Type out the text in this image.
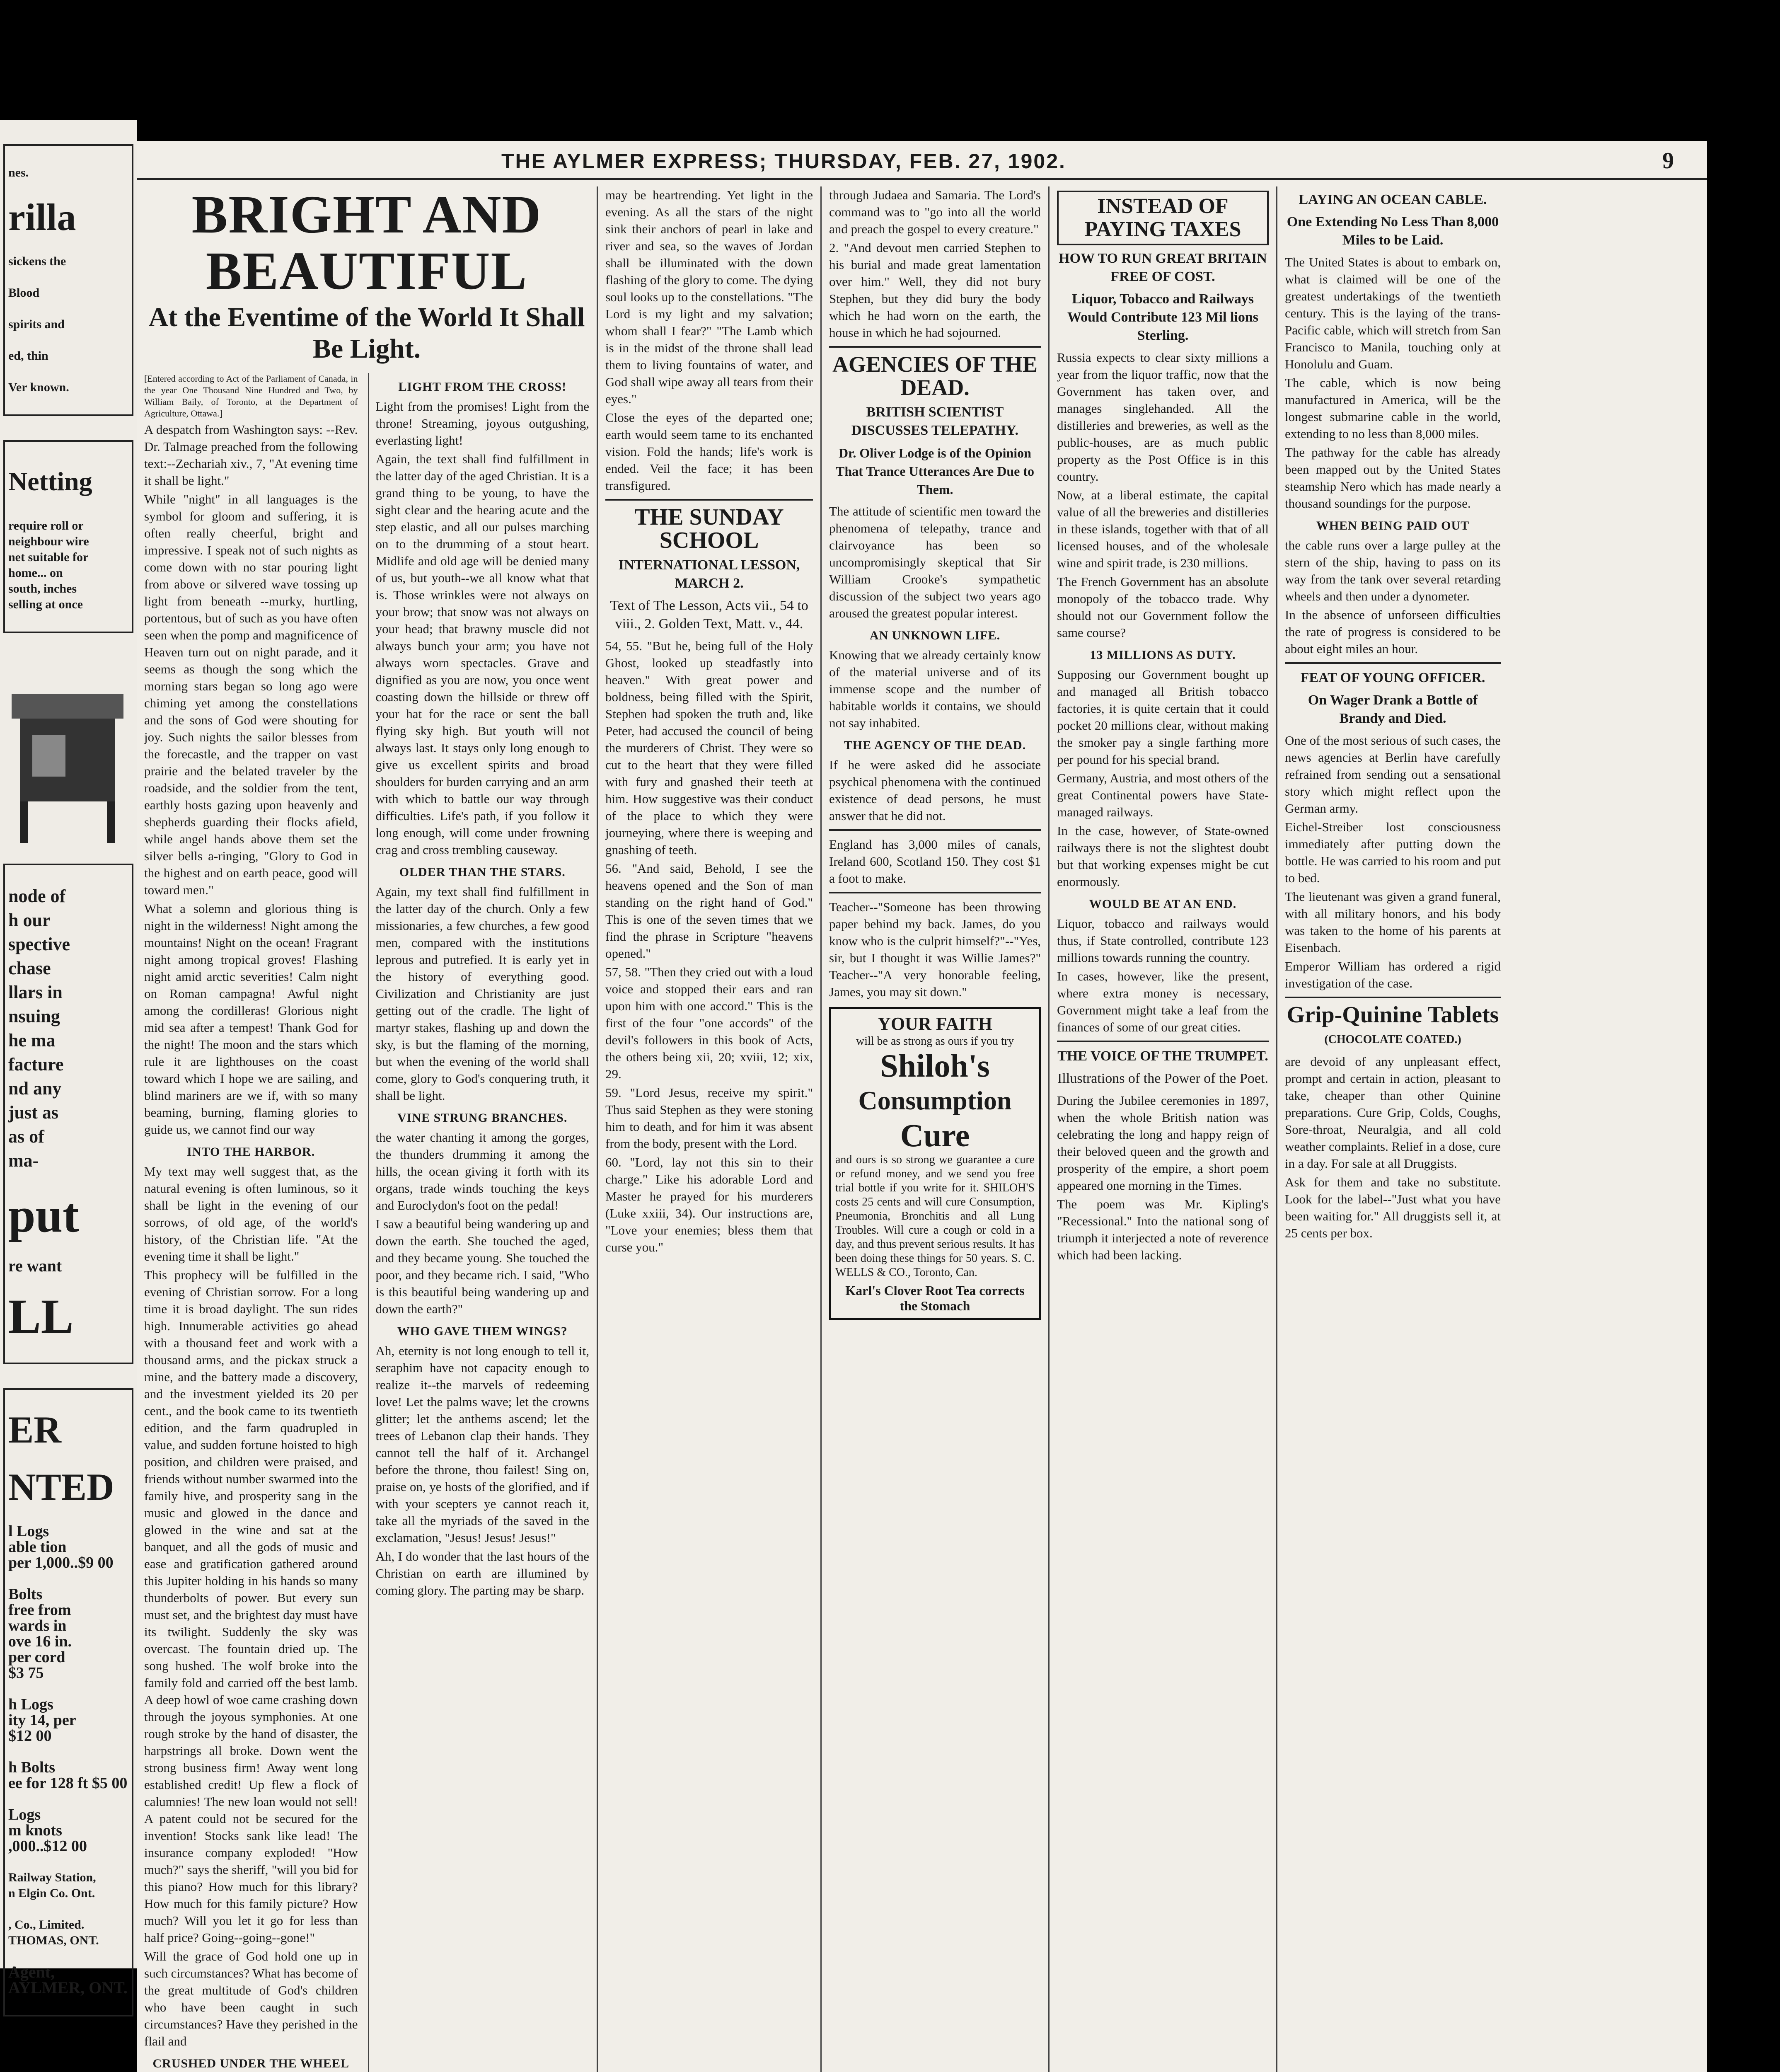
nes.

rilla

sickens the

Blood

spirits and

ed, thin

Ver known.

Netting

require roll or
neighbour wire
net suitable for
home... on
south, inches
selling at once

node of
h our
spective
chase
llars in
nsuing
he ma
facture
nd any
just as
as of
ma-

put

re want

LL

ER

NTED

l Logs
able tion
per 1,000..$9 00

Bolts
free from
wards in
ove 16 in.
per cord
$3 75

h Logs
ity 14, per
$12 00

h Bolts
ee for 128 ft $5 00

Logs
m knots
,000..$12 00

Railway Station,
n Elgin Co. Ont.

, Co., Limited.
THOMAS, ONT.

Agent,
AYLMER, ONT.

THE AYLMER EXPRESS; THURSDAY, FEB. 27, 1902.	9
BRIGHT AND BEAUTIFUL
At the Eventime of the World It Shall Be Light.

[Entered according to Act of the Parliament of Canada, in the year One Thousand Nine Hundred and Two, by William Baily, of Toronto, at the Department of Agriculture, Ottawa.]

A despatch from Washington says: --Rev. Dr. Talmage preached from the following text:--Zechariah xiv., 7, "At evening time it shall be light."

While "night" in all languages is the symbol for gloom and suffering, it is often really cheerful, bright and impressive. I speak not of such nights as come down with no star pouring light from above or silvered wave tossing up light from beneath --murky, hurtling, portentous, but of such as you have often seen when the pomp and magnificence of Heaven turn out on night parade, and it seems as though the song which the morning stars began so long ago were chiming yet among the constellations and the sons of God were shouting for joy. Such nights the sailor blesses from the forecastle, and the trapper on vast prairie and the belated traveler by the roadside, and the soldier from the tent, earthly hosts gazing upon heavenly and shepherds guarding their flocks afield, while angel hands above them set the silver bells a-ringing, "Glory to God in the highest and on earth peace, good will toward men."

What a solemn and glorious thing is night in the wilderness! Night among the mountains! Night on the ocean! Fragrant night among tropical groves! Flashing night amid arctic severities! Calm night on Roman campagna! Awful night among the cordilleras! Glorious night mid sea after a tempest! Thank God for the night! The moon and the stars which rule it are lighthouses on the coast toward which I hope we are sailing, and blind mariners are we if, with so many beaming, burning, flaming glories to guide us, we cannot find our way

INTO THE HARBOR.

My text may well suggest that, as the natural evening is often luminous, so it shall be light in the evening of our sorrows, of old age, of the world's history, of the Christian life. "At the evening time it shall be light."

This prophecy will be fulfilled in the evening of Christian sorrow. For a long time it is broad daylight. The sun rides high. Innumerable activities go ahead with a thousand feet and work with a thousand arms, and the pickax struck a mine, and the battery made a discovery, and the investment yielded its 20 per cent., and the book came to its twentieth edition, and the farm quadrupled in value, and sudden fortune hoisted to high position, and children were praised, and friends without number swarmed into the family hive, and prosperity sang in the music and glowed in the dance and glowed in the wine and sat at the banquet, and all the gods of music and ease and gratification gathered around this Jupiter holding in his hands so many thunderbolts of power. But every sun must set, and the brightest day must have its twilight. Suddenly the sky was overcast. The fountain dried up. The song hushed. The wolf broke into the family fold and carried off the best lamb. A deep howl of woe came crashing down through the joyous symphonies. At one rough stroke by the hand of disaster, the harpstrings all broke. Down went the strong business firm! Away went long established credit! Up flew a flock of calumnies! The new loan would not sell! A patent could not be secured for the invention! Stocks sank like lead! The insurance company exploded! "How much?" says the sheriff, "will you bid for this piano? How much for this library? How much for this family picture? How much? Will you let it go for less than half price? Going--going--gone!"

Will the grace of God hold one up in such circumstances? What has become of the great multitude of God's children who have been caught in such circumstances? Have they perished in the flail and

CRUSHED UNDER THE WHEEL

LIGHT FROM THE CROSS!

Light from the promises! Light from the throne! Streaming, joyous outgushing, everlasting light!

Again, the text shall find fulfillment in the latter day of the aged Christian. It is a grand thing to be young, to have the sight clear and the hearing acute and the step elastic, and all our pulses marching on to the drumming of a stout heart. Midlife and old age will be denied many of us, but youth--we all know what that is. Those wrinkles were not always on your brow; that snow was not always on your head; that brawny muscle did not always bunch your arm; you have not always worn spectacles. Grave and dignified as you are now, you once went coasting down the hillside or threw off your hat for the race or sent the ball flying sky high. But youth will not always last. It stays only long enough to give us excellent spirits and broad shoulders for burden carrying and an arm with which to battle our way through difficulties. Life's path, if you follow it long enough, will come under frowning crag and cross trembling causeway.

OLDER THAN THE STARS.

Again, my text shall find fulfillment in the latter day of the church. Only a few missionaries, a few churches, a few good men, compared with the institutions leprous and putrefied. It is early yet in the history of everything good. Civilization and Christianity are just getting out of the cradle. The light of martyr stakes, flashing up and down the sky, is but the flaming of the morning, but when the evening of the world shall come, glory to God's conquering truth, it shall be light.

VINE STRUNG BRANCHES.

the water chanting it among the gorges, the thunders drumming it among the hills, the ocean giving it forth with its organs, trade winds touching the keys and Euroclydon's foot on the pedal!

I saw a beautiful being wandering up and down the earth. She touched the aged, and they became young. She touched the poor, and they became rich. I said, "Who is this beautiful being wandering up and down the earth?"

WHO GAVE THEM WINGS?

Ah, eternity is not long enough to tell it, seraphim have not capacity enough to realize it--the marvels of redeeming love! Let the palms wave; let the crowns glitter; let the anthems ascend; let the trees of Lebanon clap their hands. They cannot tell the half of it. Archangel before the throne, thou failest! Sing on, praise on, ye hosts of the glorified, and if with your scepters ye cannot reach it, take all the myriads of the saved in the exclamation, "Jesus! Jesus! Jesus!"

Ah, I do wonder that the last hours of the Christian on earth are illumined by coming glory. The parting may be sharp.

may be heartrending. Yet light in the evening. As all the stars of the night sink their anchors of pearl in lake and river and sea, so the waves of Jordan shall be illuminated with the down flashing of the glory to come. The dying soul looks up to the constellations. "The Lord is my light and my salvation; whom shall I fear?" "The Lamb which is in the midst of the throne shall lead them to living fountains of water, and God shall wipe away all tears from their eyes."

Close the eyes of the departed one; earth would seem tame to its enchanted vision. Fold the hands; life's work is ended. Veil the face; it has been transfigured.

THE SUNDAY SCHOOL
INTERNATIONAL LESSON, MARCH 2.
Text of The Lesson, Acts vii., 54 to viii., 2. Golden Text, Matt. v., 44.

54, 55. "But he, being full of the Holy Ghost, looked up steadfastly into heaven." With great power and boldness, being filled with the Spirit, Stephen had spoken the truth and, like Peter, had accused the council of being the murderers of Christ. They were so cut to the heart that they were filled with fury and gnashed their teeth at him. How suggestive was their conduct of the place to which they were journeying, where there is weeping and gnashing of teeth.

56. "And said, Behold, I see the heavens opened and the Son of man standing on the right hand of God." This is one of the seven times that we find the phrase in Scripture "heavens opened."

57, 58. "Then they cried out with a loud voice and stopped their ears and ran upon him with one accord." This is the first of the four "one accords" of the devil's followers in this book of Acts, the others being xii, 20; xviii, 12; xix, 29.

59. "Lord Jesus, receive my spirit." Thus said Stephen as they were stoning him to death, and for him it was absent from the body, present with the Lord.

60. "Lord, lay not this sin to their charge." Like his adorable Lord and Master he prayed for his murderers (Luke xxiii, 34). Our instructions are, "Love your enemies; bless them that curse you."

through Judaea and Samaria. The Lord's command was to "go into all the world and preach the gospel to every creature."

2. "And devout men carried Stephen to his burial and made great lamentation over him." Well, they did not bury Stephen, but they did bury the body which he had worn on the earth, the house in which he had sojourned.

AGENCIES OF THE DEAD.
BRITISH SCIENTIST DISCUSSES TELEPATHY.
Dr. Oliver Lodge is of the Opinion That Trance Utterances Are Due to Them.

The attitude of scientific men toward the phenomena of telepathy, trance and clairvoyance has been so uncompromisingly skeptical that Sir William Crooke's sympathetic discussion of the subject two years ago aroused the greatest popular interest.

AN UNKNOWN LIFE.

Knowing that we already certainly know of the material universe and of its immense scope and the number of habitable worlds it contains, we should not say inhabited.

THE AGENCY OF THE DEAD.

If he were asked did he associate psychical phenomena with the continued existence of dead persons, he must answer that he did not.

England has 3,000 miles of canals, Ireland 600, Scotland 150. They cost $1 a foot to make.

Teacher--"Someone has been throwing paper behind my back. James, do you know who is the culprit himself?"--"Yes, sir, but I thought it was Willie James?" Teacher--"A very honorable feeling, James, you may sit down."

YOUR FAITH
will be as strong as ours if you try
Shiloh's
Consumption
Cure
and ours is so strong we guarantee a cure or refund money, and we send you free trial bottle if you write for it. SHILOH'S costs 25 cents and will cure Consumption, Pneumonia, Bronchitis and all Lung Troubles. Will cure a cough or cold in a day, and thus prevent serious results. It has been doing these things for 50 years. S. C. WELLS & CO., Toronto, Can.
Karl's Clover Root Tea corrects the Stomach
INSTEAD OF PAYING TAXES
HOW TO RUN GREAT BRITAIN FREE OF COST.
Liquor, Tobacco and Railways Would Contribute 123 Mil lions Sterling.

Russia expects to clear sixty millions a year from the liquor traffic, now that the Government has taken over, and manages singlehanded. All the distilleries and breweries, as well as the public-houses, are as much public property as the Post Office is in this country.

Now, at a liberal estimate, the capital value of all the breweries and distilleries in these islands, together with that of all licensed houses, and of the wholesale wine and spirit trade, is 230 millions.

The French Government has an absolute monopoly of the tobacco trade. Why should not our Government follow the same course?

13 MILLIONS AS DUTY.

Supposing our Government bought up and managed all British tobacco factories, it is quite certain that it could pocket 20 millions clear, without making the smoker pay a single farthing more per pound for his special brand.

Germany, Austria, and most others of the great Continental powers have State-managed railways.

In the case, however, of State-owned railways there is not the slightest doubt but that working expenses might be cut enormously.

WOULD BE AT AN END.

Liquor, tobacco and railways would thus, if State controlled, contribute 123 millions towards running the country.

In cases, however, like the present, where extra money is necessary, Government might take a leaf from the finances of some of our great cities.

THE VOICE OF THE TRUMPET.
Illustrations of the Power of the Poet.

During the Jubilee ceremonies in 1897, when the whole British nation was celebrating the long and happy reign of their beloved queen and the growth and prosperity of the empire, a short poem appeared one morning in the Times.

The poem was Mr. Kipling's "Recessional." Into the national song of triumph it interjected a note of reverence which had been lacking.

LAYING AN OCEAN CABLE.
One Extending No Less Than 8,000 Miles to be Laid.

The United States is about to embark on, what is claimed will be one of the greatest undertakings of the twentieth century. This is the laying of the trans-Pacific cable, which will stretch from San Francisco to Manila, touching only at Honolulu and Guam.

The cable, which is now being manufactured in America, will be the longest submarine cable in the world, extending to no less than 8,000 miles.

The pathway for the cable has already been mapped out by the United States steamship Nero which has made nearly a thousand soundings for the purpose.

WHEN BEING PAID OUT

the cable runs over a large pulley at the stern of the ship, having to pass on its way from the tank over several retarding wheels and then under a dynometer.

In the absence of unforseen difficulties the rate of progress is considered to be about eight miles an hour.

FEAT OF YOUNG OFFICER.
On Wager Drank a Bottle of Brandy and Died.

One of the most serious of such cases, the news agencies at Berlin have carefully refrained from sending out a sensational story which might reflect upon the German army.

Eichel-Streiber lost consciousness immediately after putting down the bottle. He was carried to his room and put to bed.

The lieutenant was given a grand funeral, with all military honors, and his body was taken to the home of his parents at Eisenbach.

Emperor William has ordered a rigid investigation of the case.

Grip-Quinine Tablets
(CHOCOLATE COATED.)

are devoid of any unpleasant effect, prompt and certain in action, pleasant to take, cheaper than other Quinine preparations. Cure Grip, Colds, Coughs, Sore-throat, Neuralgia, and all cold weather complaints. Relief in a dose, cure in a day. For sale at all Druggists.

Ask for them and take no substitute. Look for the label--"Just what you have been waiting for." All druggists sell it, at 25 cents per box.
